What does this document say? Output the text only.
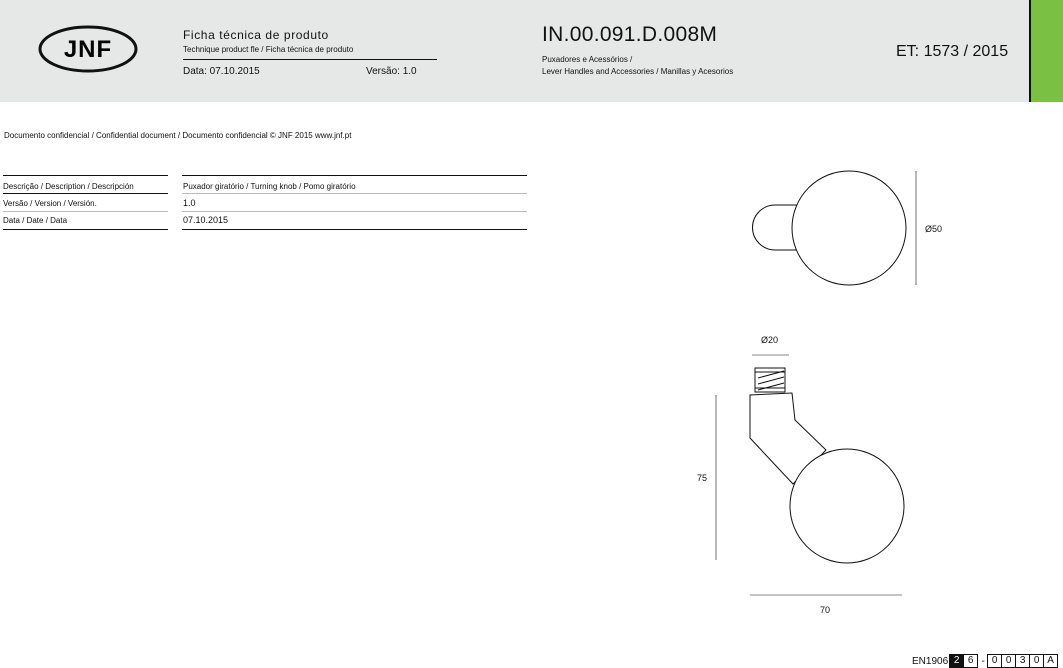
JNF
Ficha técnica de produto
Technique product fle / Ficha técnica de produto
Data: 07.10.2015	Versão: 1.0
IN.00.091.D.008M
Puxadores e Acessórios /
Lever Handles and Accessories / Manillas y Acesorios
ET: 1573 / 2015
Documento confidencial / Confidential document / Documento confidencial © JNF 2015 www.jnf.pt
Descrição / Description / Descripción	Puxador giratório / Turning knob / Pomo giratório
Versão / Version / Versión.	1.0
Data / Date / Data	07.10.2015
Ø50
Ø20
75
70
EN1906 2 6 - 0 0 3 0 A
